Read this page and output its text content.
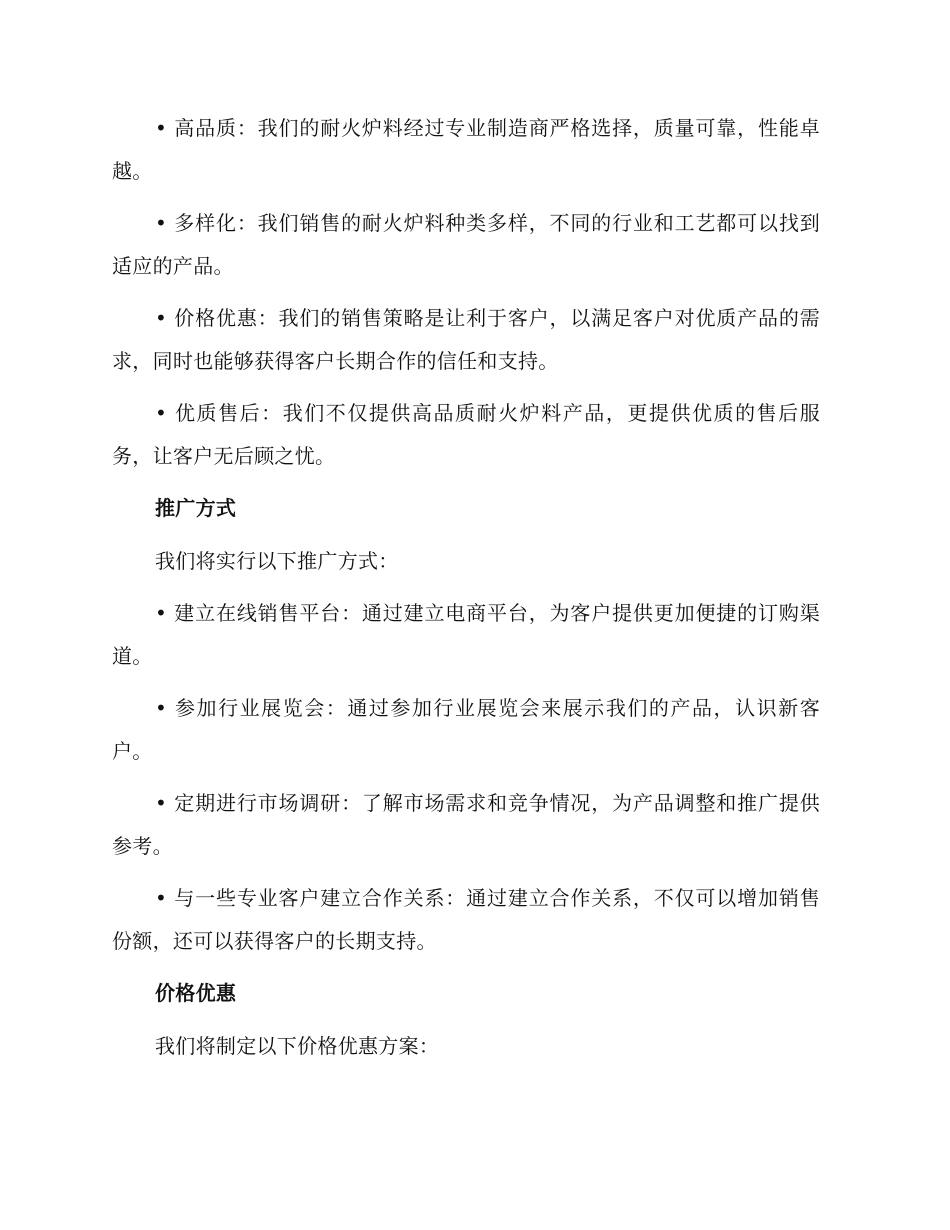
• 高品质：我们的耐火炉料经过专业制造商严格选择，质量可靠，性能卓越。

• 多样化：我们销售的耐火炉料种类多样，不同的行业和工艺都可以找到适应的产品。

• 价格优惠：我们的销售策略是让利于客户，以满足客户对优质产品的需求，同时也能够获得客户长期合作的信任和支持。

• 优质售后：我们不仅提供高品质耐火炉料产品，更提供优质的售后服务，让客户无后顾之忧。

推广方式

我们将实行以下推广方式：

• 建立在线销售平台：通过建立电商平台，为客户提供更加便捷的订购渠道。

• 参加行业展览会：通过参加行业展览会来展示我们的产品，认识新客户。

• 定期进行市场调研：了解市场需求和竞争情况，为产品调整和推广提供参考。

• 与一些专业客户建立合作关系：通过建立合作关系，不仅可以增加销售份额，还可以获得客户的长期支持。

价格优惠

我们将制定以下价格优惠方案：
